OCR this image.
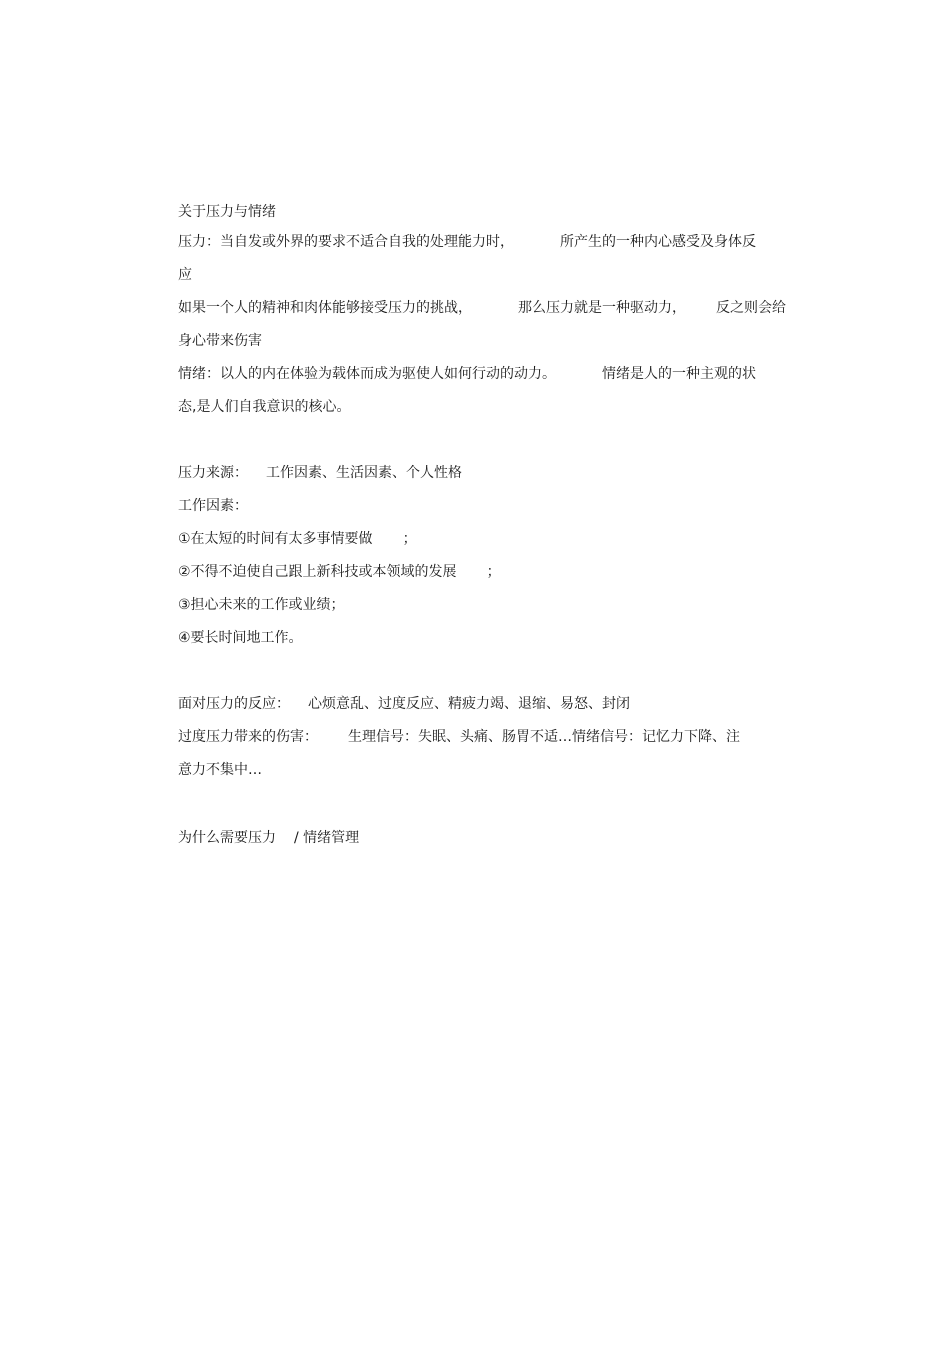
关于压力与情绪
压力：当自发或外界的要求不适合自我的处理能力时，	所产生的一种内心感受及身体反
应
如果一个人的精神和肉体能够接受压力的挑战，	那么压力就是一种驱动力， 反之则会给
身心带来伤害
情绪：以人的内在体验为载体而成为驱使人如何行动的动力。	情绪是人的一种主观的状
态,是人们自我意识的核心。
压力来源： 工作因素、生活因素、个人性格
工作因素：
①在太短的时间有太多事情要做 ；
②不得不迫使自己跟上新科技或本领域的发展 ；
③担心未来的工作或业绩；
④要长时间地工作。
面对压力的反应： 心烦意乱、过度反应、精疲力竭、退缩、易怒、封闭
过度压力带来的伤害： 生理信号：失眠、头痛、肠胃不适…情绪信号：记忆力下降、注
意力不集中…
为什么需要压力 / 情绪管理
